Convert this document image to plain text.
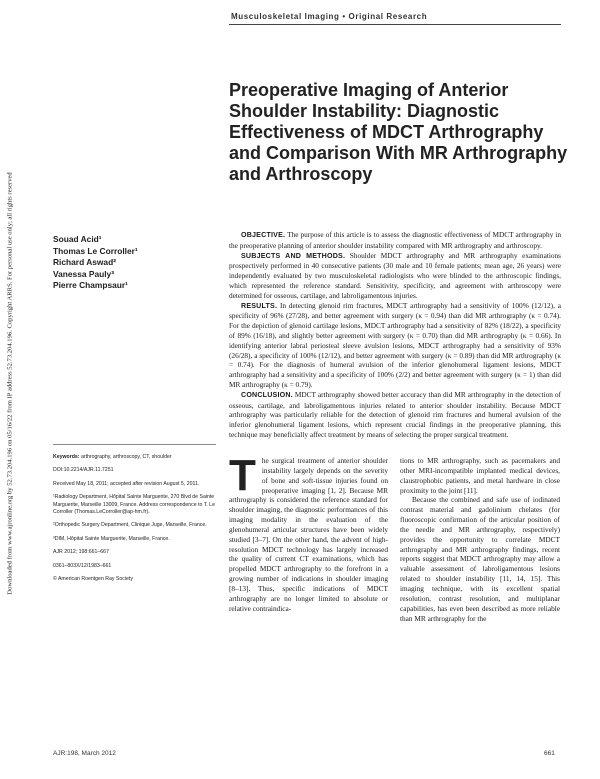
Downloaded from www.ajronline.org by 52.73.204.196 on 05/16/22 from IP address 52.73.204.196. Copyright ARRS. For personal use only; all rights reserved
Musculoskeletal Imaging • Original Research
Preoperative Imaging of Anterior Shoulder Instability: Diagnostic Effectiveness of MDCT Arthrography and Comparison With MR Arthrography and Arthroscopy
Souad Acid¹
Thomas Le Corroller¹
Richard Aswad²
Vanessa Pauly³
Pierre Champsaur¹

OBJECTIVE. The purpose of this article is to assess the diagnostic effectiveness of MDCT arthrography in the preoperative planning of anterior shoulder instability compared with MR arthrography and arthroscopy.

SUBJECTS AND METHODS. Shoulder MDCT arthrography and MR arthrography examinations prospectively performed in 40 consecutive patients (30 male and 10 female patients; mean age, 26 years) were independently evaluated by two musculoskeletal radiologists who were blinded to the arthroscopic findings, which represented the reference standard. Sensitivity, specificity, and agreement with arthroscopy were determined for osseous, cartilage, and labroligamentous injuries.

RESULTS. In detecting glenoid rim fractures, MDCT arthrography had a sensitivity of 100% (12/12), a specificity of 96% (27/28), and better agreement with surgery (κ = 0.94) than did MR arthrography (κ = 0.74). For the depiction of glenoid cartilage lesions, MDCT arthrography had a sensitivity of 82% (18/22), a specificity of 89% (16/18), and slightly better agreement with surgery (κ = 0.70) than did MR arthrography (κ = 0.66). In identifying anterior labral periosteal sleeve avulsion lesions, MDCT arthrography had a sensitivity of 93% (26/28), a specificity of 100% (12/12), and better agreement with surgery (κ = 0.89) than did MR arthrography (κ = 0.74). For the diagnosis of humeral avulsion of the inferior glenohumeral ligament lesions, MDCT arthrography had a sensitivity and a specificity of 100% (2/2) and better agreement with surgery (κ = 1) than did MR arthrography (κ = 0.79).

CONCLUSION. MDCT arthrography showed better accuracy than did MR arthrography in the detection of osseous, cartilage, and labroligamentous injuries related to anterior shoulder instability. Because MDCT arthrography was particularly reliable for the detection of glenoid rim fractures and humeral avulsion of the inferior glenohumeral ligament lesions, which represent crucial findings in the preoperative planning, this technique may beneficially affect treatment by means of selecting the proper surgical treatment.

Keywords: arthrography, arthroscopy, CT, shoulder

DOI:10.2214/AJR.11.7251

Received May 18, 2011; accepted after revision August 5, 2011.

¹Radiology Department, Hôpital Sainte Marguerite, 270 Blvd de Sainte Marguerite, Marseille 13009, France. Address correspondence to T. Le Corroller (Thomas.LeCorroller@ap-hm.fr).

²Orthopedic Surgery Department, Clinique Juge, Marseille, France.

³DIM, Hôpital Sainte Marguerite, Marseille, France.

AJR 2012; 198:661–667

0361–803X/12/1983–661

© American Roentgen Ray Society

T he surgical treatment of anterior shoulder instability largely depends on the severity of bone and soft-tissue injuries found on preoperative imaging [1, 2]. Because MR arthrography is considered the reference standard for shoulder imaging, the diagnostic performances of this imaging modality in the evaluation of the glenohumeral articular structures have been widely studied [3–7]. On the other hand, the advent of high-resolution MDCT technology has largely increased the quality of current CT examinations, which has propelled MDCT arthrography to the forefront in a growing number of indications in shoulder imaging [8–13]. Thus, specific indications of MDCT arthrography are no longer limited to absolute or relative contraindica-

tions to MR arthrography, such as pacemakers and other MRI-incompatible implanted medical devices, claustrophobic patients, and metal hardware in close proximity to the joint [11].

Because the combined and safe use of iodinated contrast material and gadolinium chelates (for fluoroscopic confirmation of the articular position of the needle and MR arthrography, respectively) provides the opportunity to correlate MDCT arthrography and MR arthrography findings, recent reports suggest that MDCT arthrography may allow a valuable assessment of labroligamentous lesions related to shoulder instability [11, 14, 15]. This imaging technique, with its excellent spatial resolution, contrast resolution, and multiplanar capabilities, has even been described as more reliable than MR arthrography for the

AJR:198, March 2012	661
